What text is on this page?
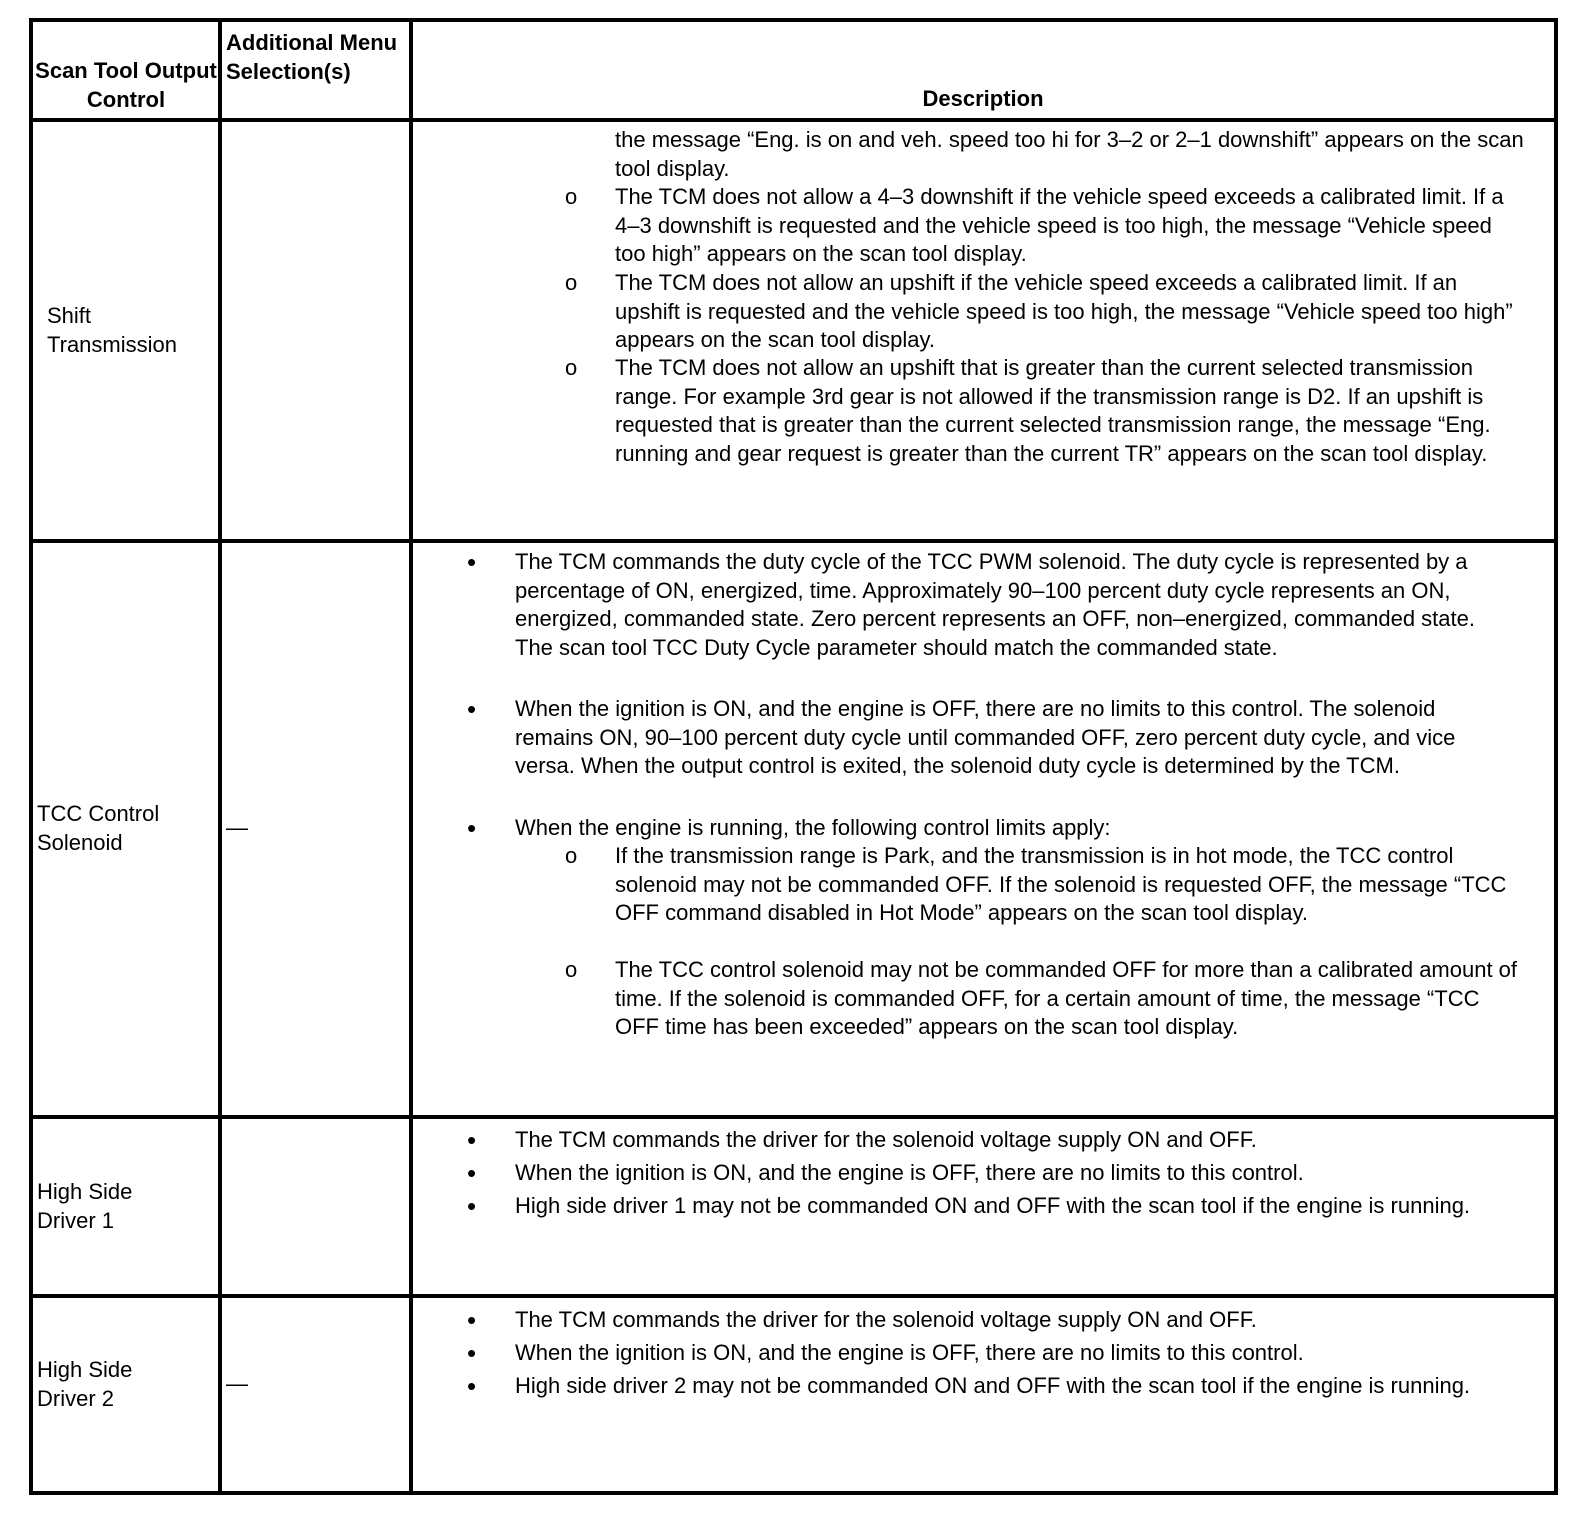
Scan Tool Output Control
Additional Menu Selection(s)
Description
Shift Transmission
the message “Eng. is on and veh. speed too hi for 3–2 or 2–1 downshift” appears on the scan tool display.
o The TCM does not allow a 4–3 downshift if the vehicle speed exceeds a calibrated limit. If a 4–3 downshift is requested and the vehicle speed is too high, the message “Vehicle speed too high” appears on the scan tool display.
o The TCM does not allow an upshift if the vehicle speed exceeds a calibrated limit. If an upshift is requested and the vehicle speed is too high, the message “Vehicle speed too high” appears on the scan tool display.
o The TCM does not allow an upshift that is greater than the current selected transmission range. For example 3rd gear is not allowed if the transmission range is D2. If an upshift is requested that is greater than the current selected transmission range, the message “Eng. running and gear request is greater than the current TR” appears on the scan tool display.
TCC Control Solenoid
—
• The TCM commands the duty cycle of the TCC PWM solenoid. The duty cycle is represented by a percentage of ON, energized, time. Approximately 90–100 percent duty cycle represents an ON, energized, commanded state. Zero percent represents an OFF, non–energized, commanded state. The scan tool TCC Duty Cycle parameter should match the commanded state.
• When the ignition is ON, and the engine is OFF, there are no limits to this control. The solenoid remains ON, 90–100 percent duty cycle until commanded OFF, zero percent duty cycle, and vice versa. When the output control is exited, the solenoid duty cycle is determined by the TCM.
• When the engine is running, the following control limits apply:
o If the transmission range is Park, and the transmission is in hot mode, the TCC control solenoid may not be commanded OFF. If the solenoid is requested OFF, the message “TCC OFF command disabled in Hot Mode” appears on the scan tool display.
o The TCC control solenoid may not be commanded OFF for more than a calibrated amount of time. If the solenoid is commanded OFF, for a certain amount of time, the message “TCC OFF time has been exceeded” appears on the scan tool display.
High Side Driver 1
• The TCM commands the driver for the solenoid voltage supply ON and OFF.
• When the ignition is ON, and the engine is OFF, there are no limits to this control.
• High side driver 1 may not be commanded ON and OFF with the scan tool if the engine is running.
High Side Driver 2
—
• The TCM commands the driver for the solenoid voltage supply ON and OFF.
• When the ignition is ON, and the engine is OFF, there are no limits to this control.
• High side driver 2 may not be commanded ON and OFF with the scan tool if the engine is running.
